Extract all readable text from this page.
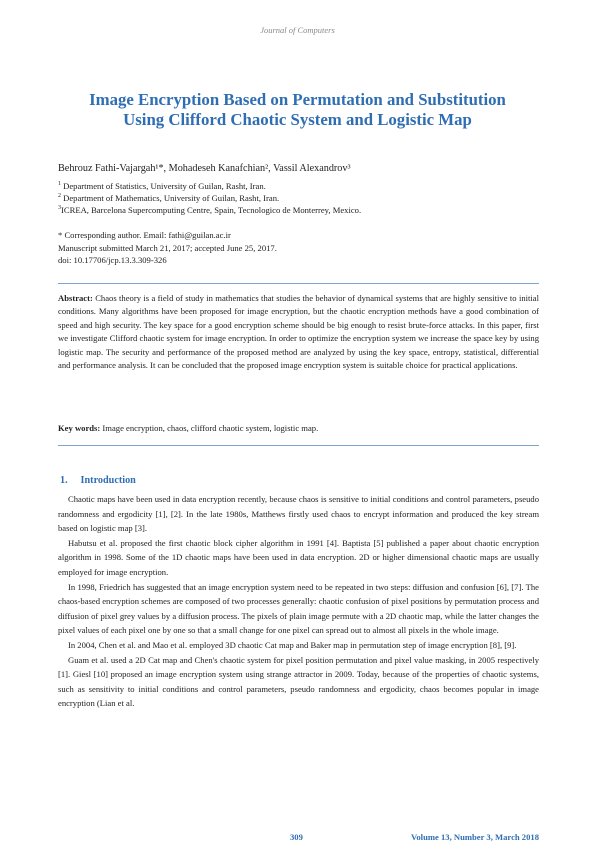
Journal of Computers
Image Encryption Based on Permutation and Substitution
Using Clifford Chaotic System and Logistic Map
Behrouz Fathi-Vajargah¹*, Mohadeseh Kanafchian², Vassil Alexandrov³
$^1$ Department of Statistics, University of Guilan, Rasht, Iran.
$^2$ Department of Mathematics, University of Guilan, Rasht, Iran.
$^3$ICREA, Barcelona Supercomputing Centre, Spain, Tecnologico de Monterrey, Mexico.
* Corresponding author. Email: fathi@guilan.ac.ir
Manuscript submitted March 21, 2017; accepted June 25, 2017.
doi: 10.17706/jcp.13.3.309-326
Abstract: Chaos theory is a field of study in mathematics that studies the behavior of dynamical systems that are highly sensitive to initial conditions. Many algorithms have been proposed for image encryption, but the chaotic encryption methods have a good combination of speed and high security. The key space for a good encryption scheme should be big enough to resist brute-force attacks. In this paper, first we investigate Clifford chaotic system for image encryption. In order to optimize the encryption system we increase the space key by using logistic map. The security and performance of the proposed method are analyzed by using the key space, entropy, statistical, differential and performance analysis. It can be concluded that the proposed image encryption system is suitable choice for practical applications.
Key words: Image encryption, chaos, clifford chaotic system, logistic map.
1. Introduction

Chaotic maps have been used in data encryption recently, because chaos is sensitive to initial conditions and control parameters, pseudo randomness and ergodicity [1], [2]. In the late 1980s, Matthews firstly used chaos to encrypt information and produced the key stream based on logistic map [3].

Habutsu et al. proposed the first chaotic block cipher algorithm in 1991 [4]. Baptista [5] published a paper about chaotic encryption algorithm in 1998. Some of the 1D chaotic maps have been used in data encryption. 2D or higher dimensional chaotic maps are usually employed for image encryption.

In 1998, Friedrich has suggested that an image encryption system need to be repeated in two steps: diffusion and confusion [6], [7]. The chaos-based encryption schemes are composed of two processes generally: chaotic confusion of pixel positions by permutation process and diffusion of pixel grey values by a diffusion process. The pixels of plain image permute with a 2D chaotic map, while the latter changes the pixel values of each pixel one by one so that a small change for one pixel can spread out to almost all pixels in the whole image.

In 2004, Chen et al. and Mao et al. employed 3D chaotic Cat map and Baker map in permutation step of image encryption [8], [9].

Guam et al. used a 2D Cat map and Chen's chaotic system for pixel position permutation and pixel value masking, in 2005 respectively [1]. Giesl [10] proposed an image encryption system using strange attractor in 2009. Today, because of the properties of chaotic systems, such as sensitivity to initial conditions and control parameters, pseudo randomness and ergodicity, chaos becomes popular in image encryption (Lian et al.

309	Volume 13, Number 3, March 2018
